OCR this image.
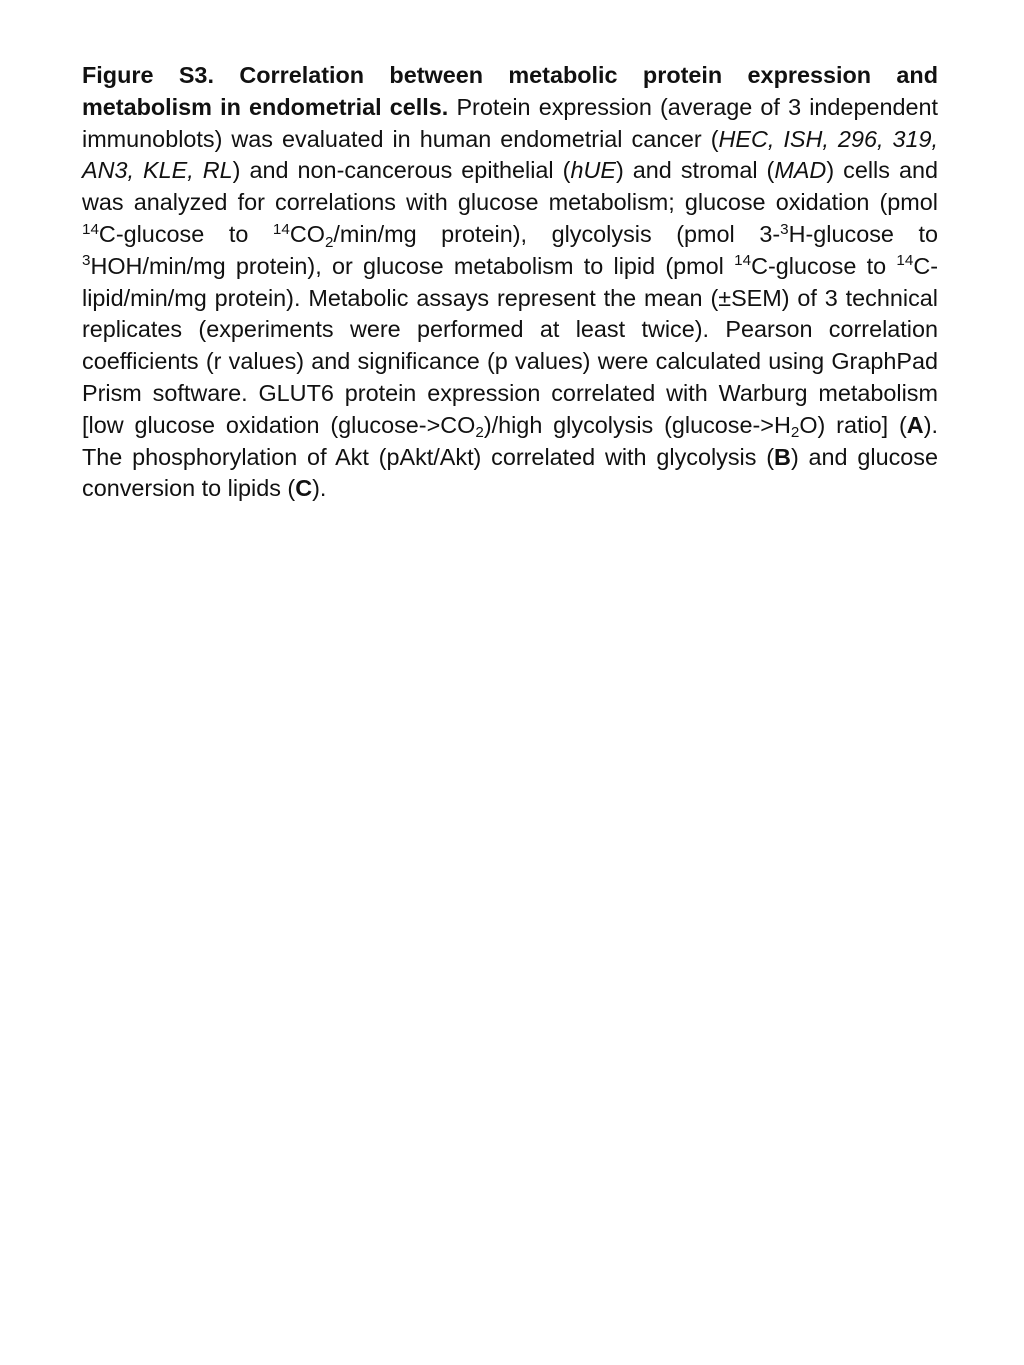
Figure S3. Correlation between metabolic protein expression and metabolism in endometrial cells. Protein expression (average of 3 independent immunoblots) was evaluated in human endometrial cancer (HEC, ISH, 296, 319, AN3, KLE, RL) and non-cancerous epithelial (hUE) and stromal (MAD) cells and was analyzed for correlations with glucose metabolism; glucose oxidation (pmol $^{14}$C-glucose to $^{14}CO_2/\min/mg$ protein), glycolysis (pmol 3-$^3$H-glucose to $^3$HOH/min/mg protein), or glucose metabolism to lipid (pmol $^{14}$C-glucose to $^{14}$C-lipid/min/mg protein). Metabolic assays represent the mean (±SEM) of 3 technical replicates (experiments were performed at least twice). Pearson correlation coefficients (r values) and significance (p values) were calculated using GraphPad Prism software. GLUT6 protein expression correlated with Warburg metabolism [low glucose oxidation $(glucose->CO_2)$/high glycolysis $(glucose->H_2O)$ ratio] (A). The phosphorylation of Akt (pAkt/Akt) correlated with glycolysis (B) and glucose conversion to lipids (C).
